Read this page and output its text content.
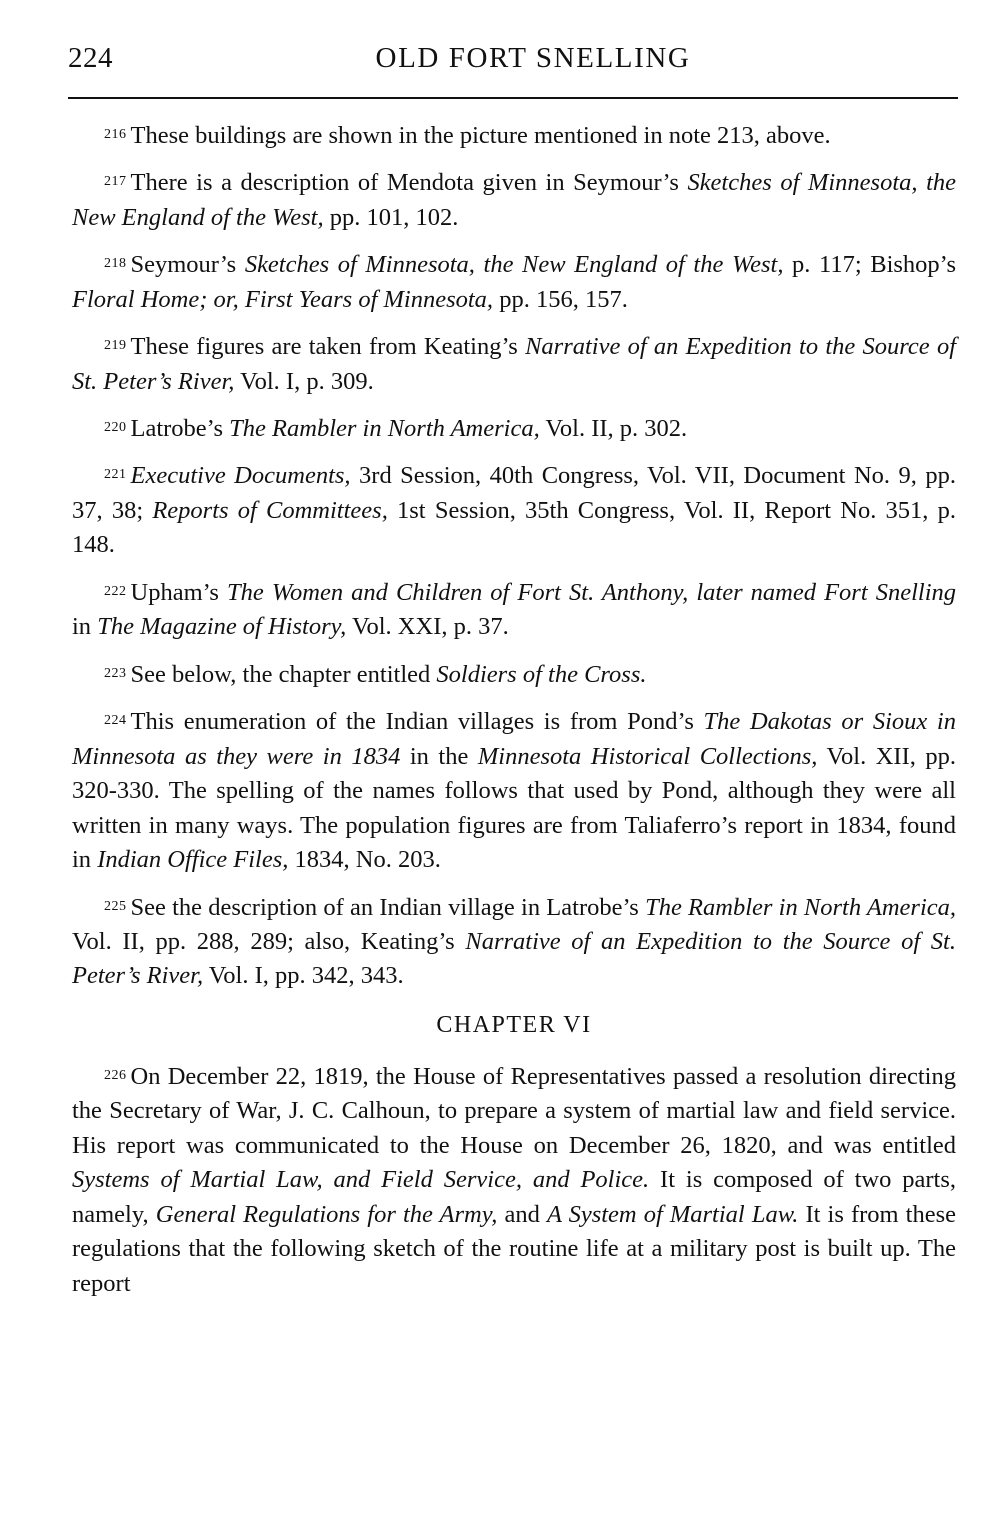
224	OLD FORT SNELLING

$^{216}$ These buildings are shown in the picture mentioned in note 213, above.

$^{217}$ There is a description of Mendota given in Seymour’s Sketches of Minnesota, the New England of the West, pp. 101, 102.

$^{218}$ Seymour’s Sketches of Minnesota, the New England of the West, p. 117; Bishop’s Floral Home; or, First Years of Minnesota, pp. 156, 157.

$^{219}$ These figures are taken from Keating’s Narrative of an Expedition to the Source of St. Peter’s River, Vol. I, p. 309.

$^{220}$ Latrobe’s The Rambler in North America, Vol. II, p. 302.

$^{221}$ Executive Documents, 3rd Session, 40th Congress, Vol. VII, Document No. 9, pp. 37, 38; Reports of Committees, 1st Session, 35th Congress, Vol. II, Report No. 351, p. 148.

$^{222}$ Upham’s The Women and Children of Fort St. Anthony, later named Fort Snelling in The Magazine of History, Vol. XXI, p. 37.

$^{223}$ See below, the chapter entitled Soldiers of the Cross.

$^{224}$ This enumeration of the Indian villages is from Pond’s The Dakotas or Sioux in Minnesota as they were in 1834 in the Minnesota Historical Collections, Vol. XII, pp. 320-330. The spelling of the names follows that used by Pond, although they were all written in many ways. The population figures are from Taliaferro’s report in 1834, found in Indian Office Files, 1834, No. 203.

$^{225}$ See the description of an Indian village in Latrobe’s The Rambler in North America, Vol. II, pp. 288, 289; also, Keating’s Narrative of an Expedition to the Source of St. Peter’s River, Vol. I, pp. 342, 343.

CHAPTER VI

$^{226}$ On December 22, 1819, the House of Representatives passed a resolution directing the Secretary of War, J. C. Calhoun, to prepare a system of martial law and field service. His report was communicated to the House on December 26, 1820, and was entitled Systems of Martial Law, and Field Service, and Police. It is composed of two parts, namely, General Regulations for the Army, and A System of Martial Law. It is from these regulations that the following sketch of the routine life at a military post is built up. The report
